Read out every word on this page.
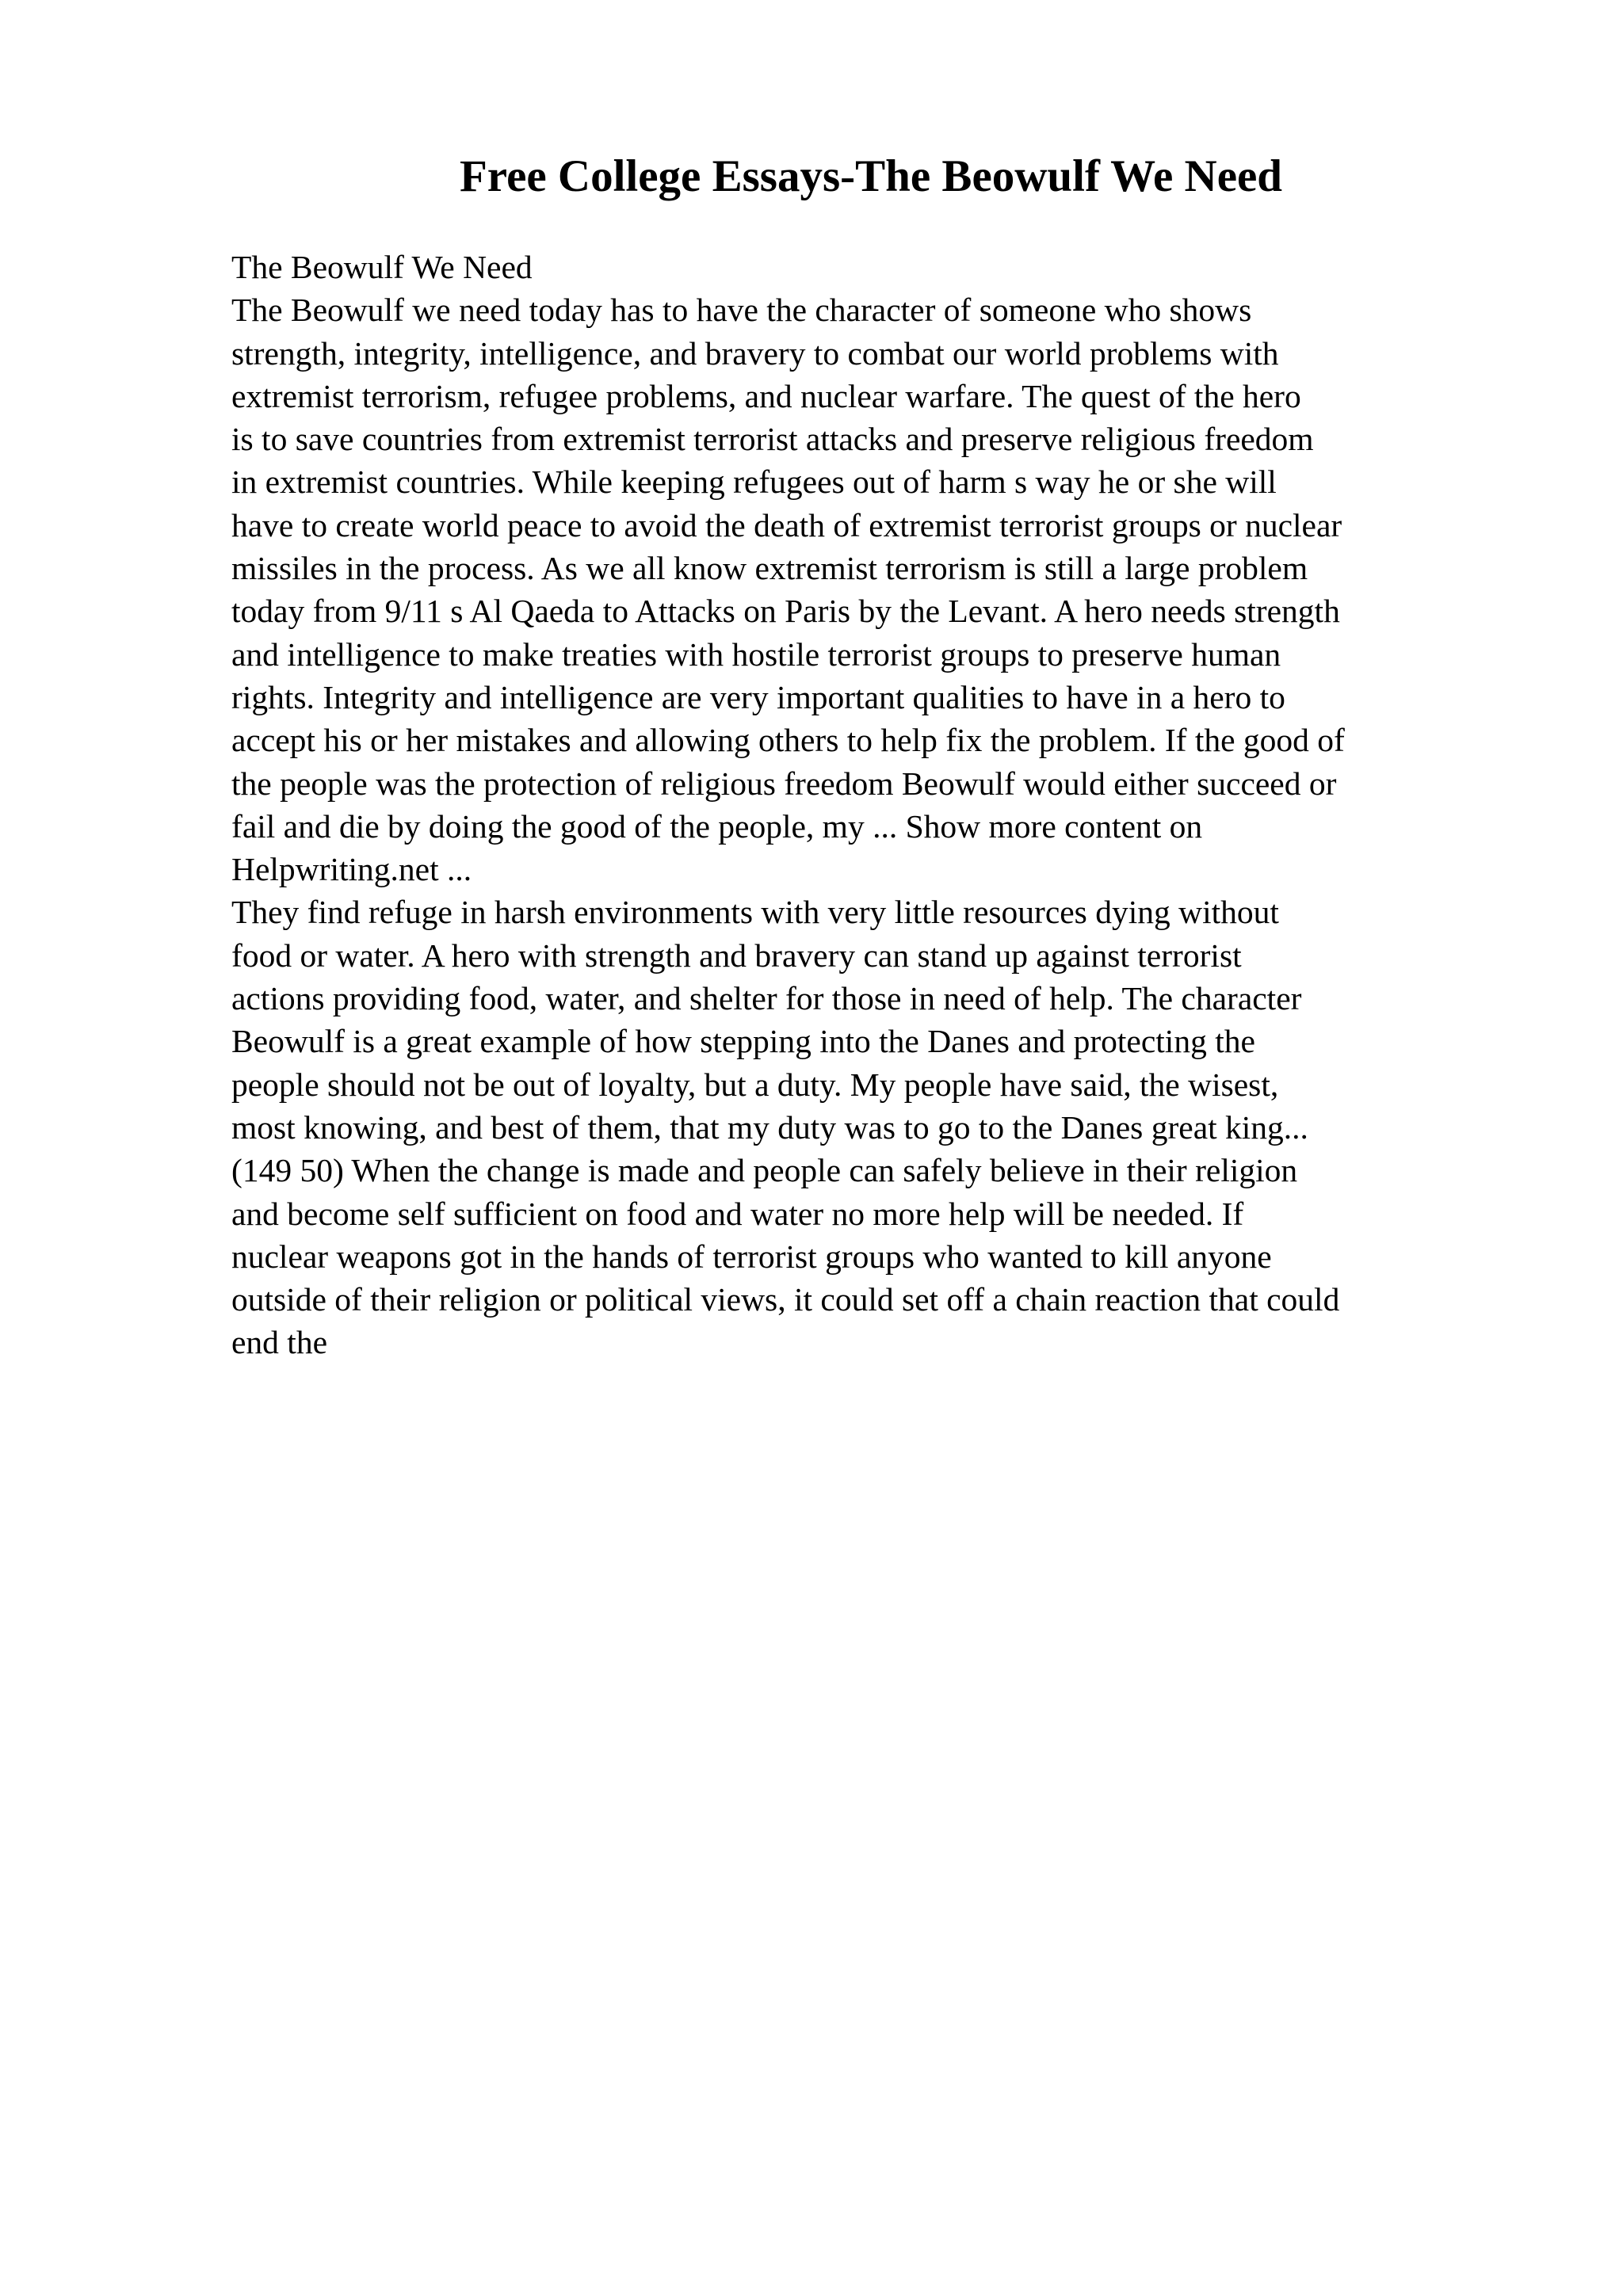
Free College Essays-The Beowulf We Need
The Beowulf We Need
The Beowulf we need today has to have the character of someone who shows
strength, integrity, intelligence, and bravery to combat our world problems with
extremist terrorism, refugee problems, and nuclear warfare. The quest of the hero
is to save countries from extremist terrorist attacks and preserve religious freedom
in extremist countries. While keeping refugees out of harm s way he or she will
have to create world peace to avoid the death of extremist terrorist groups or nuclear
missiles in the process. As we all know extremist terrorism is still a large problem
today from 9/11 s Al Qaeda to Attacks on Paris by the Levant. A hero needs strength
and intelligence to make treaties with hostile terrorist groups to preserve human
rights. Integrity and intelligence are very important qualities to have in a hero to
accept his or her mistakes and allowing others to help fix the problem. If the good of
the people was the protection of religious freedom Beowulf would either succeed or
fail and die by doing the good of the people, my ... Show more content on
Helpwriting.net ...
They find refuge in harsh environments with very little resources dying without
food or water. A hero with strength and bravery can stand up against terrorist
actions providing food, water, and shelter for those in need of help. The character
Beowulf is a great example of how stepping into the Danes and protecting the
people should not be out of loyalty, but a duty. My people have said, the wisest,
most knowing, and best of them, that my duty was to go to the Danes great king...
(149 50) When the change is made and people can safely believe in their religion
and become self sufficient on food and water no more help will be needed. If
nuclear weapons got in the hands of terrorist groups who wanted to kill anyone
outside of their religion or political views, it could set off a chain reaction that could
end the
